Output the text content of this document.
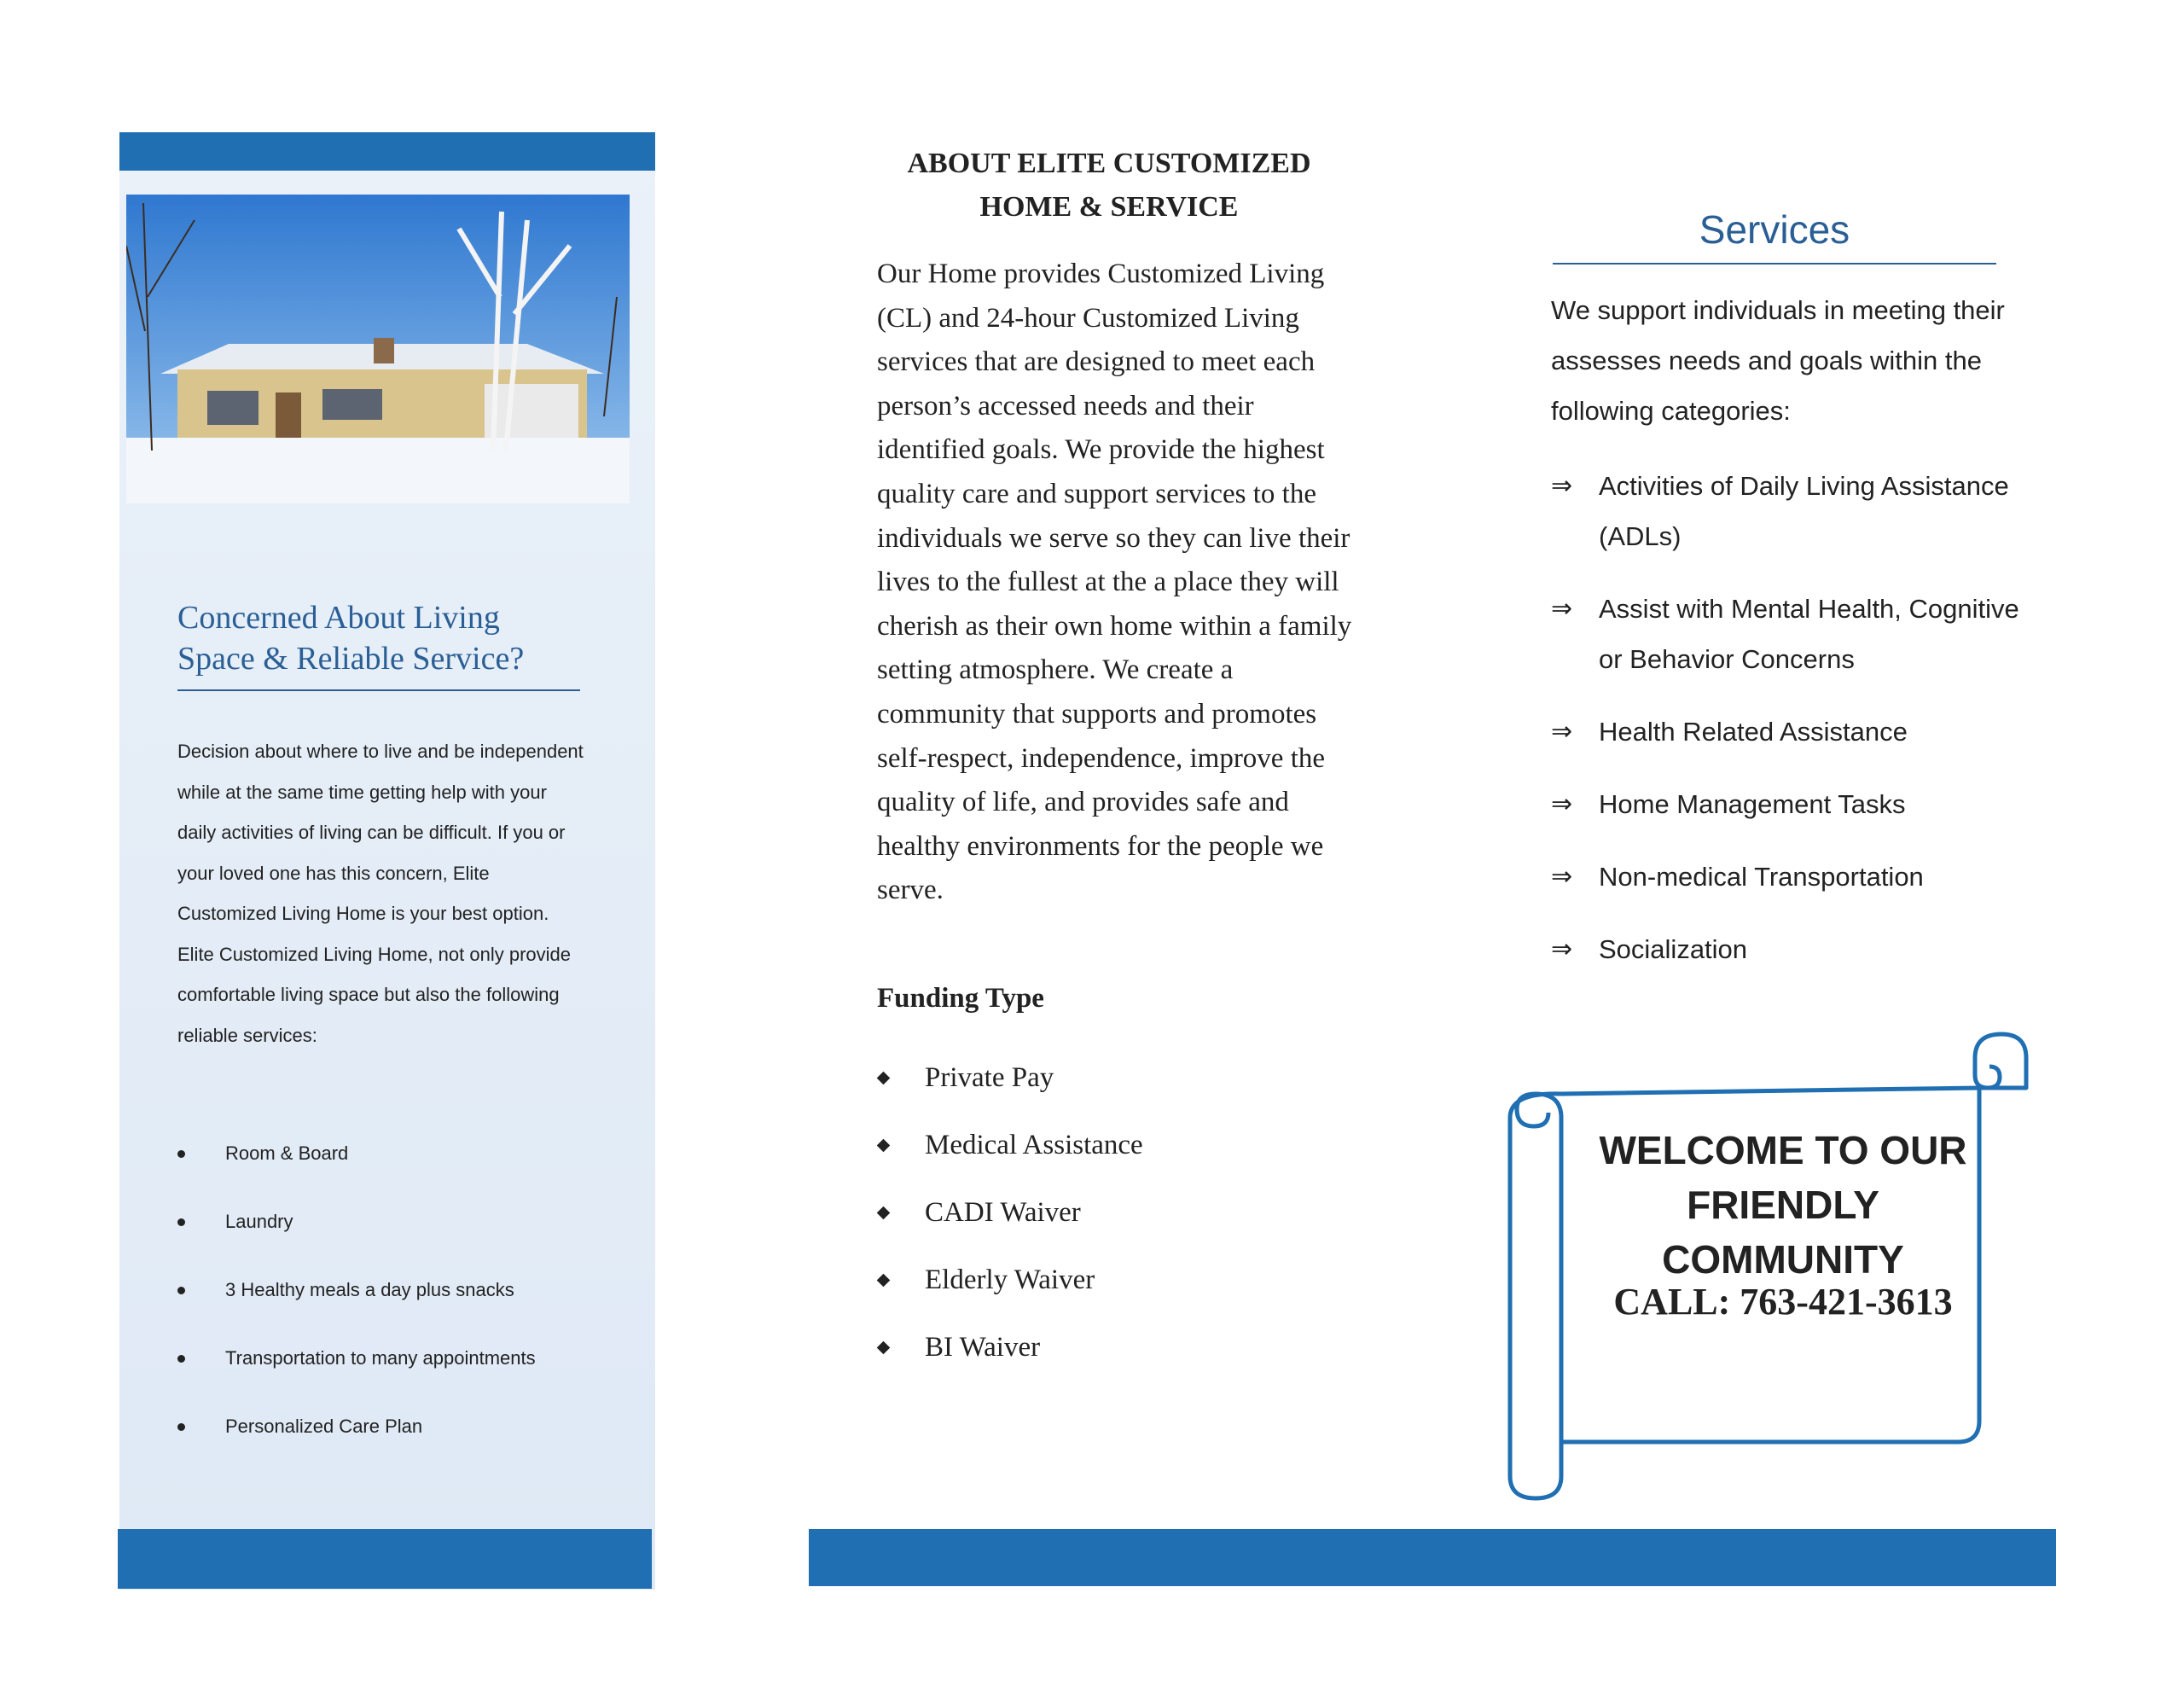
Concerned About Living Space & Reliable Service?
Decision about where to live and be independent while at the same time getting help with your daily activities of living can be difficult. If you or your loved one has this concern, Elite Customized Living Home is your best option. Elite Customized Living Home, not only provide comfortable living space but also the following reliable services:
Room & Board
Laundry
3 Healthy meals a day plus snacks
Transportation to many appointments
Personalized Care Plan
ABOUT ELITE CUSTOMIZED
HOME & SERVICE
Our Home provides Customized Living (CL) and 24-hour Customized Living services that are designed to meet each person’s accessed needs and their identified goals. We provide the highest quality care and support services to the individuals we serve so they can live their lives to the fullest at the a place they will cherish as their own home within a family setting atmosphere. We create a community that supports and promotes self-respect, independence, improve the quality of life, and provides safe and healthy environments for the people we serve.
Funding Type
Private Pay
Medical Assistance
CADI Waiver
Elderly Waiver
BI Waiver
Services
We support individuals in meeting their assesses needs and goals within the following categories:
⇒ Activities of Daily Living Assistance (ADLs)
⇒ Assist with Mental Health, Cognitive or Behavior Concerns
⇒ Health Related Assistance
⇒ Home Management Tasks
⇒ Non-medical Transportation
⇒ Socialization
WELCOME TO OUR
FRIENDLY COMMUNITY
CALL: 763-421-3613
